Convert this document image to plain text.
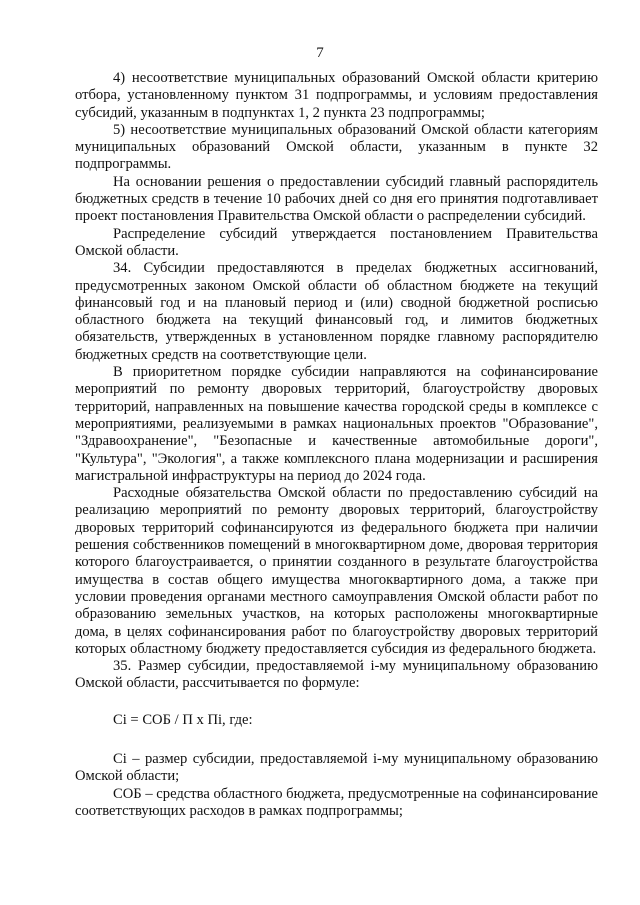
7

4) несоответствие муниципальных образований Омской области критерию отбора, установленному пунктом 31 подпрограммы, и условиям предоставления субсидий, указанным в подпунктах 1, 2 пункта 23 подпрограммы;

5) несоответствие муниципальных образований Омской области категориям муниципальных образований Омской области, указанным в пункте 32 подпрограммы.

На основании решения о предоставлении субсидий главный распорядитель бюджетных средств в течение 10 рабочих дней со дня его принятия подготавливает проект постановления Правительства Омской области о распределении субсидий.

Распределение субсидий утверждается постановлением Правительства Омской области.

34. Субсидии предоставляются в пределах бюджетных ассигнований, предусмотренных законом Омской области об областном бюджете на текущий финансовый год и на плановый период и (или) сводной бюджетной росписью областного бюджета на текущий финансовый год, и лимитов бюджетных обязательств, утвержденных в установленном порядке главному распорядителю бюджетных средств на соответствующие цели.

В приоритетном порядке субсидии направляются на софинансирование мероприятий по ремонту дворовых территорий, благоустройству дворовых территорий, направленных на повышение качества городской среды в комплексе с мероприятиями, реализуемыми в рамках национальных проектов "Образование", "Здравоохранение", "Безопасные и качественные автомобильные дороги", "Культура", "Экология", а также комплексного плана модернизации и расширения магистральной инфраструктуры на период до 2024 года.

Расходные обязательства Омской области по предоставлению субсидий на реализацию мероприятий по ремонту дворовых территорий, благоустройству дворовых территорий софинансируются из федерального бюджета при наличии решения собственников помещений в многоквартирном доме, дворовая территория которого благоустраивается, о принятии созданного в результате благоустройства имущества в состав общего имущества многоквартирного дома, а также при условии проведения органами местного самоуправления Омской области работ по образованию земельных участков, на которых расположены многоквартирные дома, в целях софинансирования работ по благоустройству дворовых территорий которых областному бюджету предоставляется субсидия из федерального бюджета.

35. Размер субсидии, предоставляемой i-му муниципальному образованию Омской области, рассчитывается по формуле:

Ci = СОБ / П х Пi, где:

Ci – размер субсидии, предоставляемой i-му муниципальному образованию Омской области;

СОБ – средства областного бюджета, предусмотренные на софинансирование соответствующих расходов в рамках подпрограммы;
